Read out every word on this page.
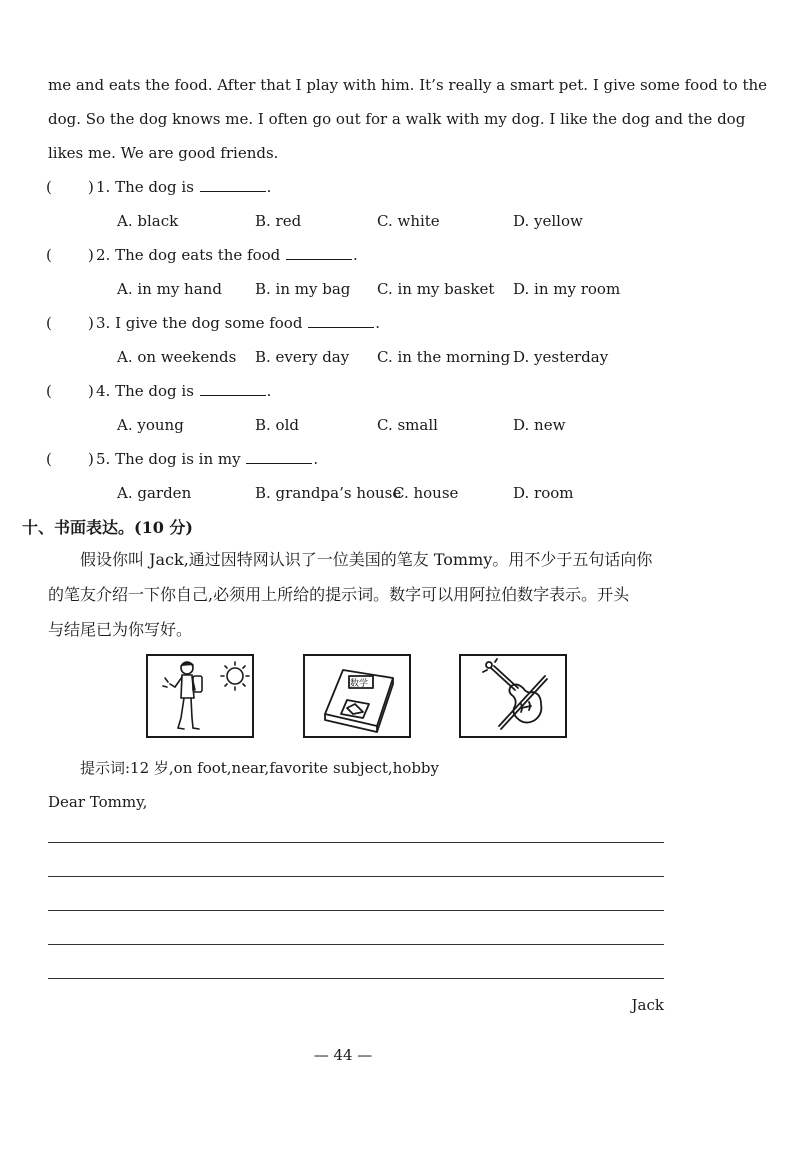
me and eats the food. After that I play with him. It’s really a smart pet. I give some food to the
dog. So the dog knows me. I often go out for a walk with my dog. I like the dog and the dog
likes me. We are good friends.
( ) 1. The dog is	.
A. black	B. red	C. white	D. yellow
( ) 2. The dog eats the food	.
A. in my hand B. in my bag C. in my basket D. in my room
( ) 3. I give the dog some food	.
A. on weekends B. every day C. in the morning D. yesterday
( ) 4. The dog is	.
A. young	B. old	C. small	D. new
( ) 5. The dog is in my	.
A. garden	B. grandpa’s house
C. house	D. room
十、书面表达。(10 分)
假设你叫 Jack,通过因特网认识了一位美国的笔友 Tommy。用不少于五句话向你
的笔友介绍一下你自己,必须用上所给的提示词。数字可以用阿拉伯数字表示。开头
与结尾已为你写好。
数学
提示词:12 岁,on foot,near,favorite subject,hobby
Dear Tommy,
Jack
— 44 —
